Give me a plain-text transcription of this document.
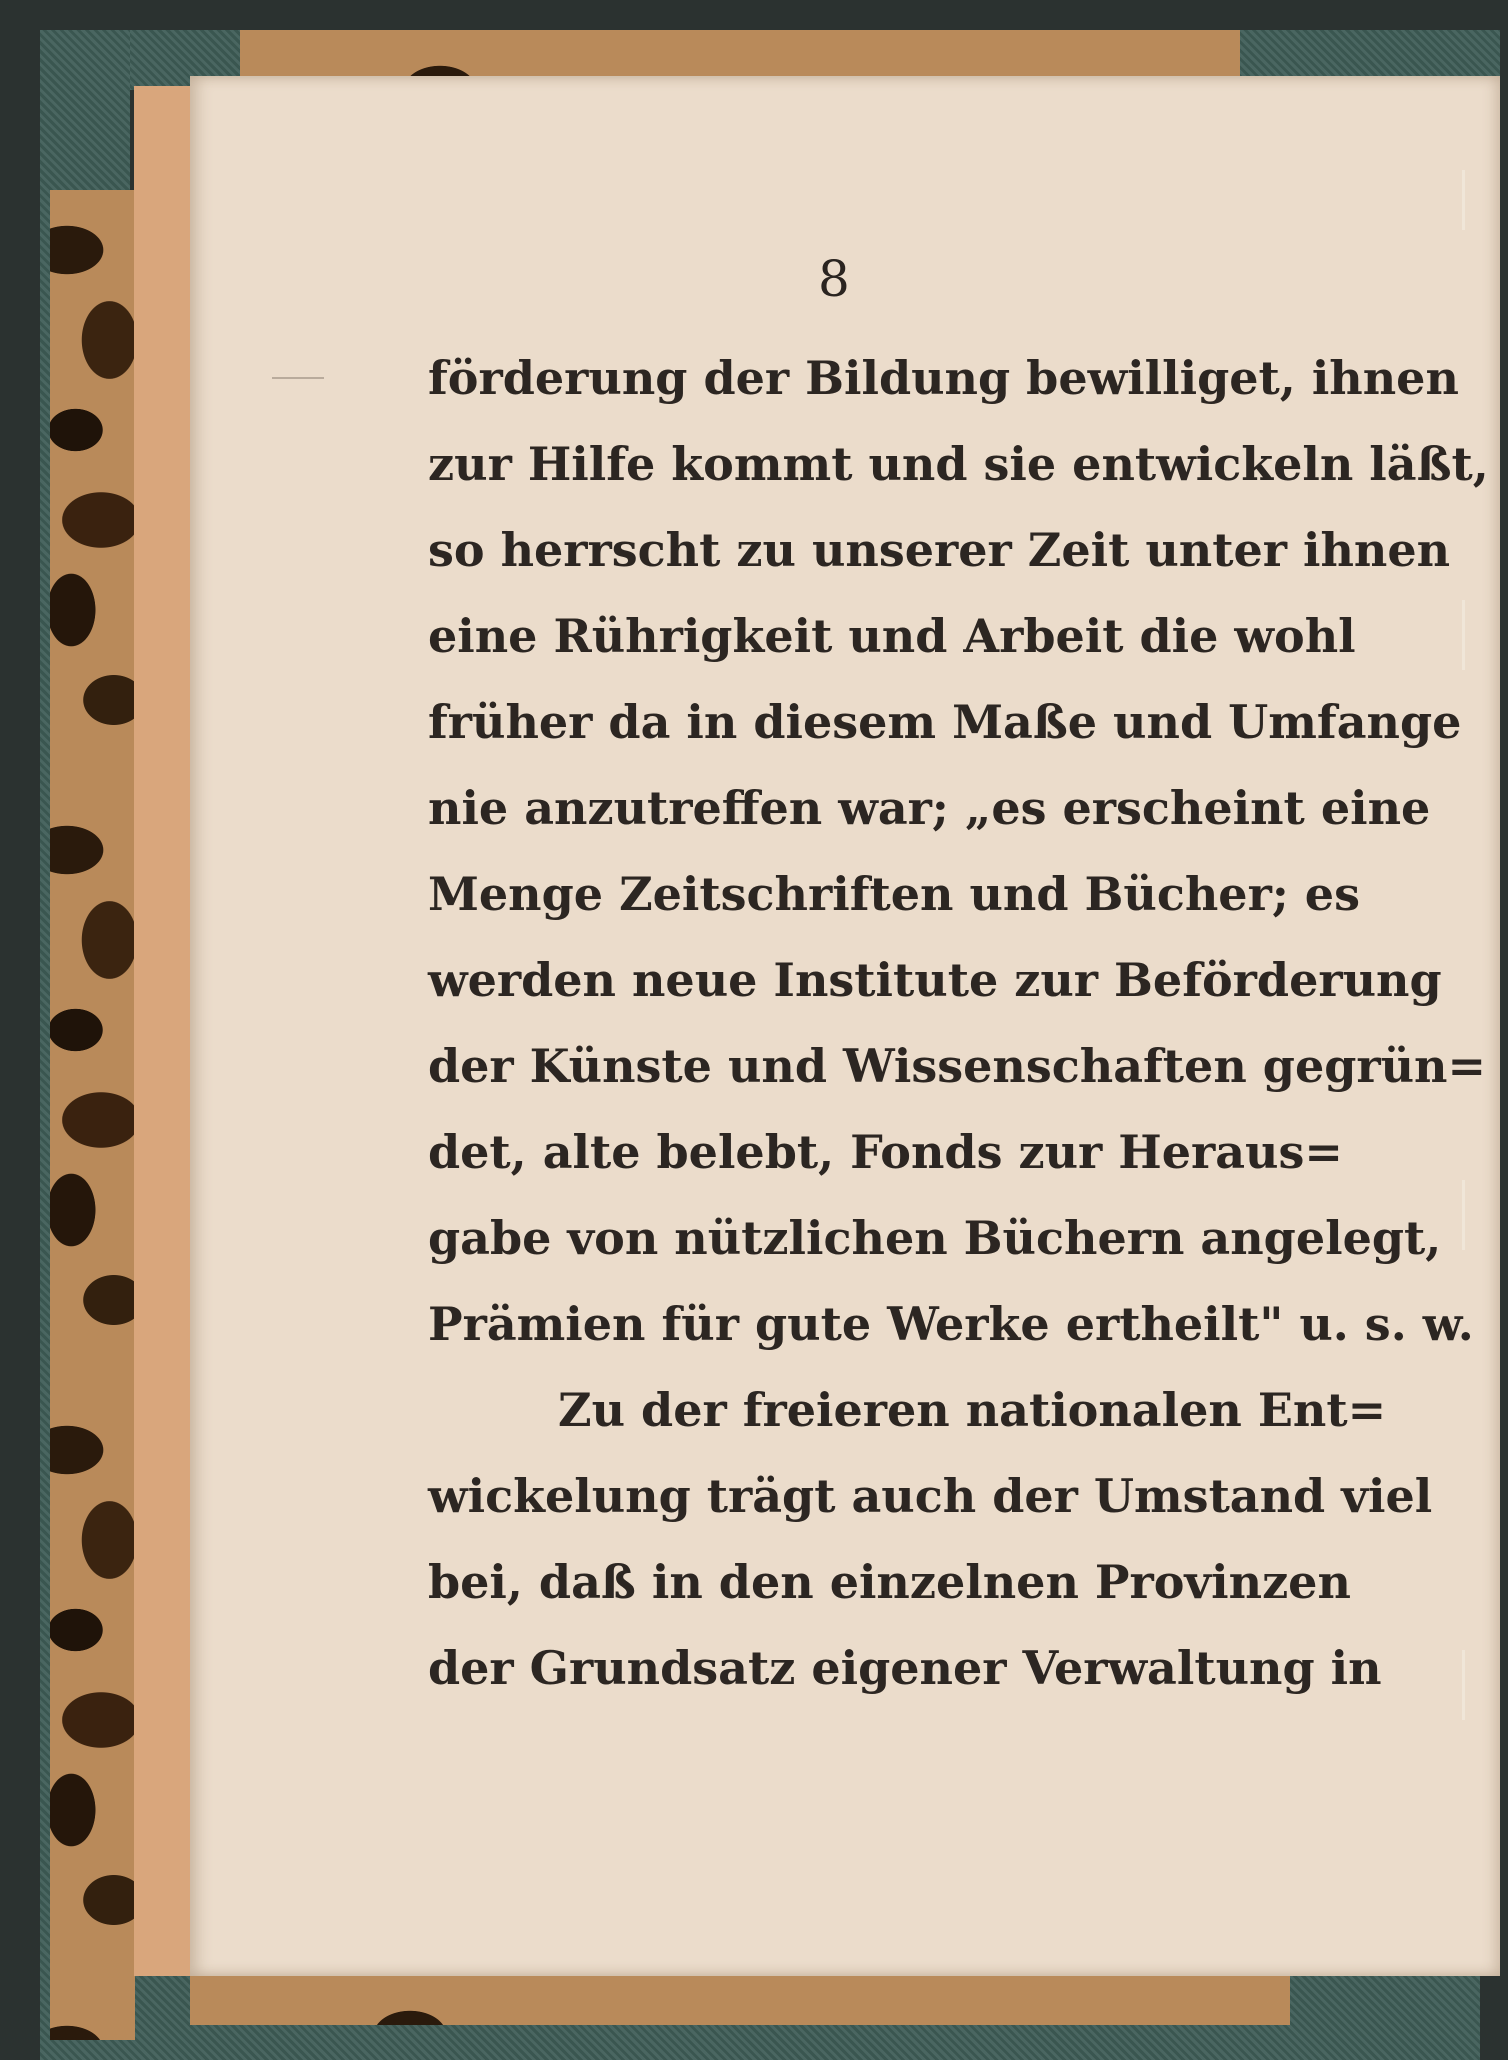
8
förderung der Bildung bewilliget, ihnen
zur Hilfe kommt und sie entwickeln läßt,
so herrscht zu unserer Zeit unter ihnen
eine Rührigkeit und Arbeit die wohl
früher da in diesem Maße und Umfange
nie anzutreffen war; „es erscheint eine
Menge Zeitschriften und Bücher; es
werden neue Institute zur Beförderung
der Künste und Wissenschaften gegrün=
det, alte belebt, Fonds zur Heraus=
gabe von nützlichen Büchern angelegt,
Prämien für gute Werke ertheilt" u. s. w.
Zu der freieren nationalen Ent=
wickelung trägt auch der Umstand viel
bei, daß in den einzelnen Provinzen
der Grundsatz eigener Verwaltung in
